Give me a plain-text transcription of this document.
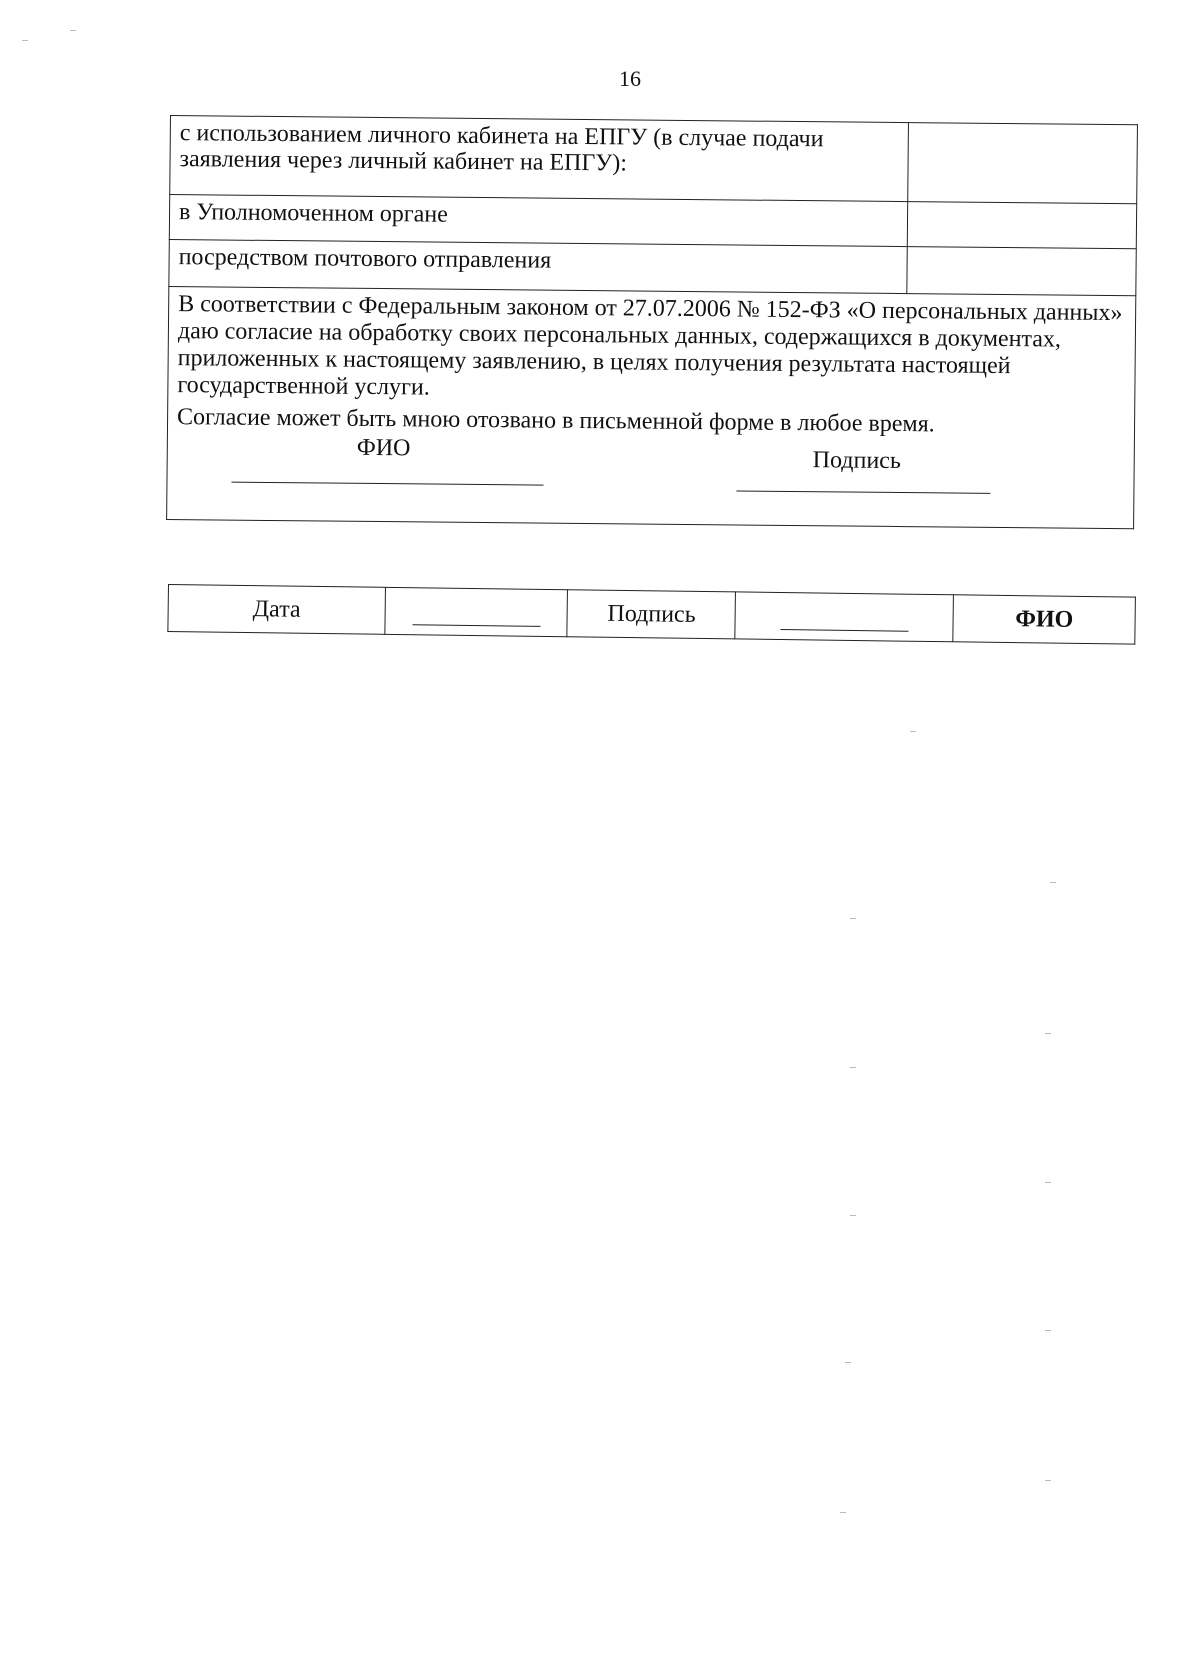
16
с использованием личного кабинета на ЕПГУ (в случае подачи заявления через личный кабинет на ЕПГУ):	
в Уполномоченном органе	
посредством почтового отправления	

В соответствии с Федеральным законом от 27.07.2006 № 152-ФЗ «О персональных данных» даю согласие на обработку своих персональных данных, содержащихся в документах, приложенных к настоящему заявлению, в целях получения результата настоящей государственной услуги.

Согласие может быть мною отозвано в письменной форме в любое время.

ФИО Подпись	
Дата		Подпись		ФИО
